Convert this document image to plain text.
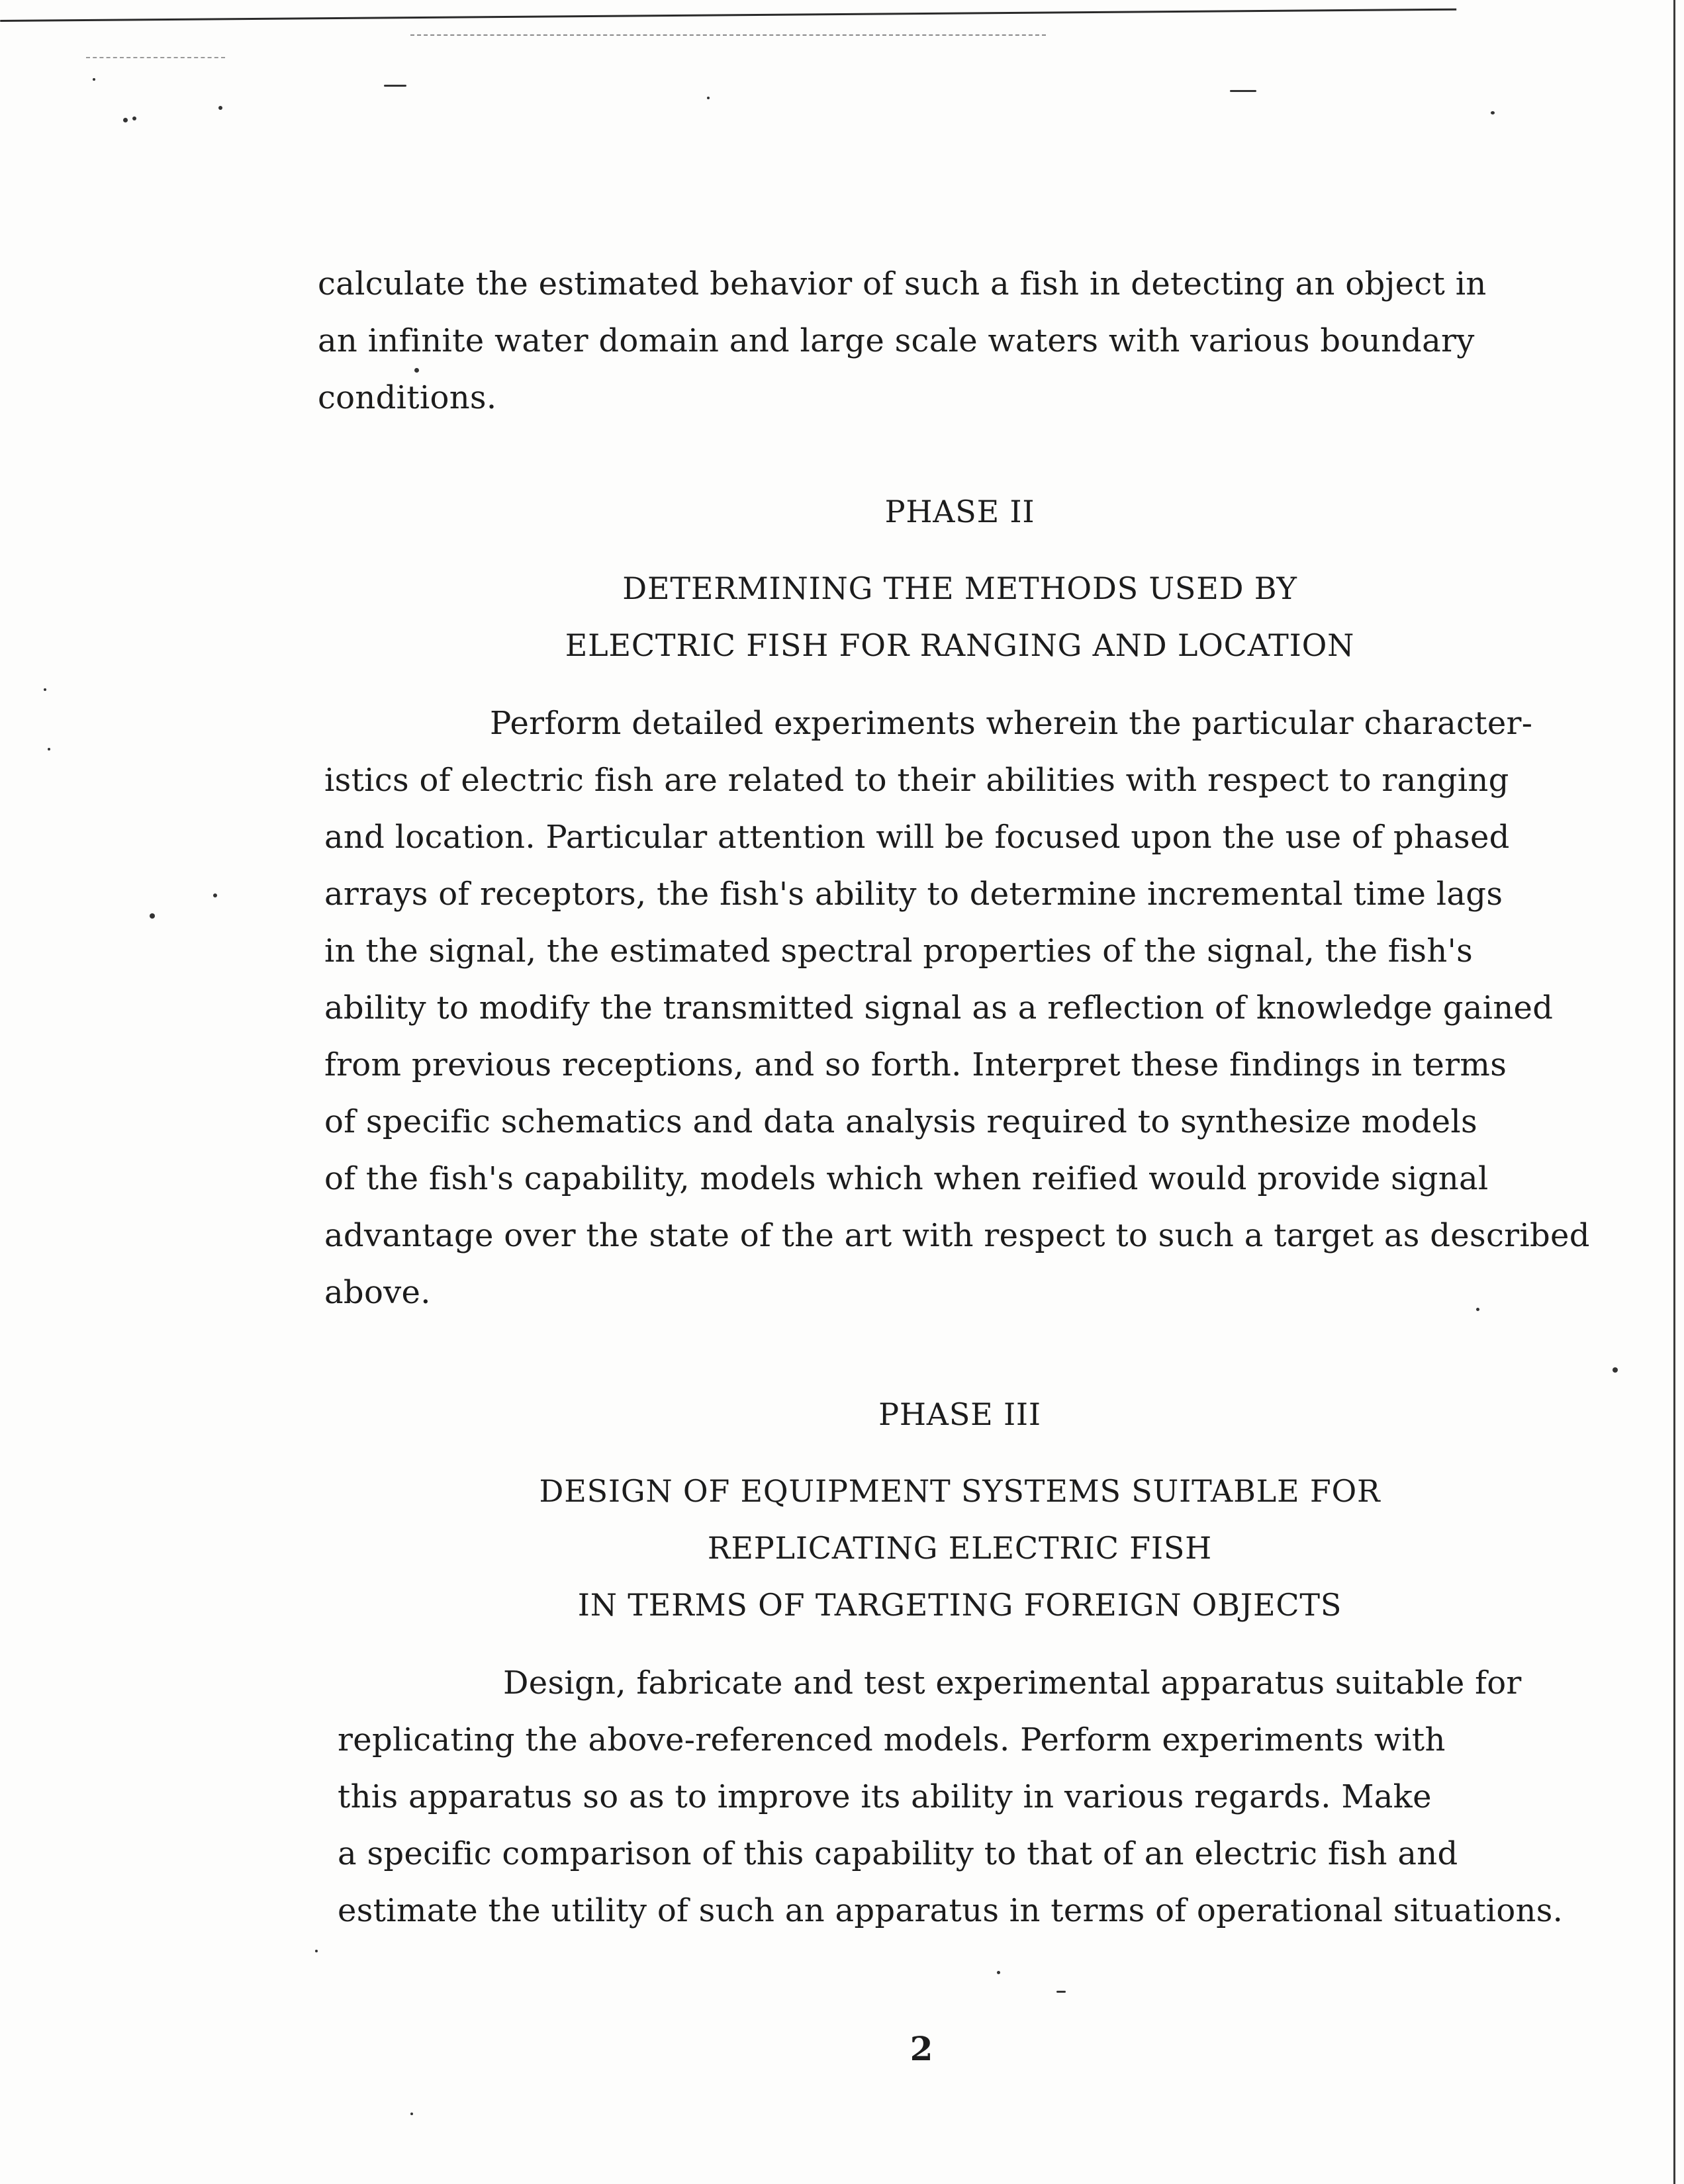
calculate the estimated behavior of such a fish in detecting an object in
an infinite water domain and large scale waters with various boundary
conditions.
PHASE II
DETERMINING THE METHODS USED BY
ELECTRIC FISH FOR RANGING AND LOCATION
Perform detailed experiments wherein the particular character-
istics of electric fish are related to their abilities with respect to ranging
and location. Particular attention will be focused upon the use of phased
arrays of receptors, the fish's ability to determine incremental time lags
in the signal, the estimated spectral properties of the signal, the fish's
ability to modify the transmitted signal as a reflection of knowledge gained
from previous receptions, and so forth. Interpret these findings in terms
of specific schematics and data analysis required to synthesize models
of the fish's capability, models which when reified would provide signal
advantage over the state of the art with respect to such a target as described
above.
PHASE III
DESIGN OF EQUIPMENT SYSTEMS SUITABLE FOR
REPLICATING ELECTRIC FISH
IN TERMS OF TARGETING FOREIGN OBJECTS
Design, fabricate and test experimental apparatus suitable for
replicating the above-referenced models. Perform experiments with
this apparatus so as to improve its ability in various regards. Make
a specific comparison of this capability to that of an electric fish and
estimate the utility of such an apparatus in terms of operational situations.
2
